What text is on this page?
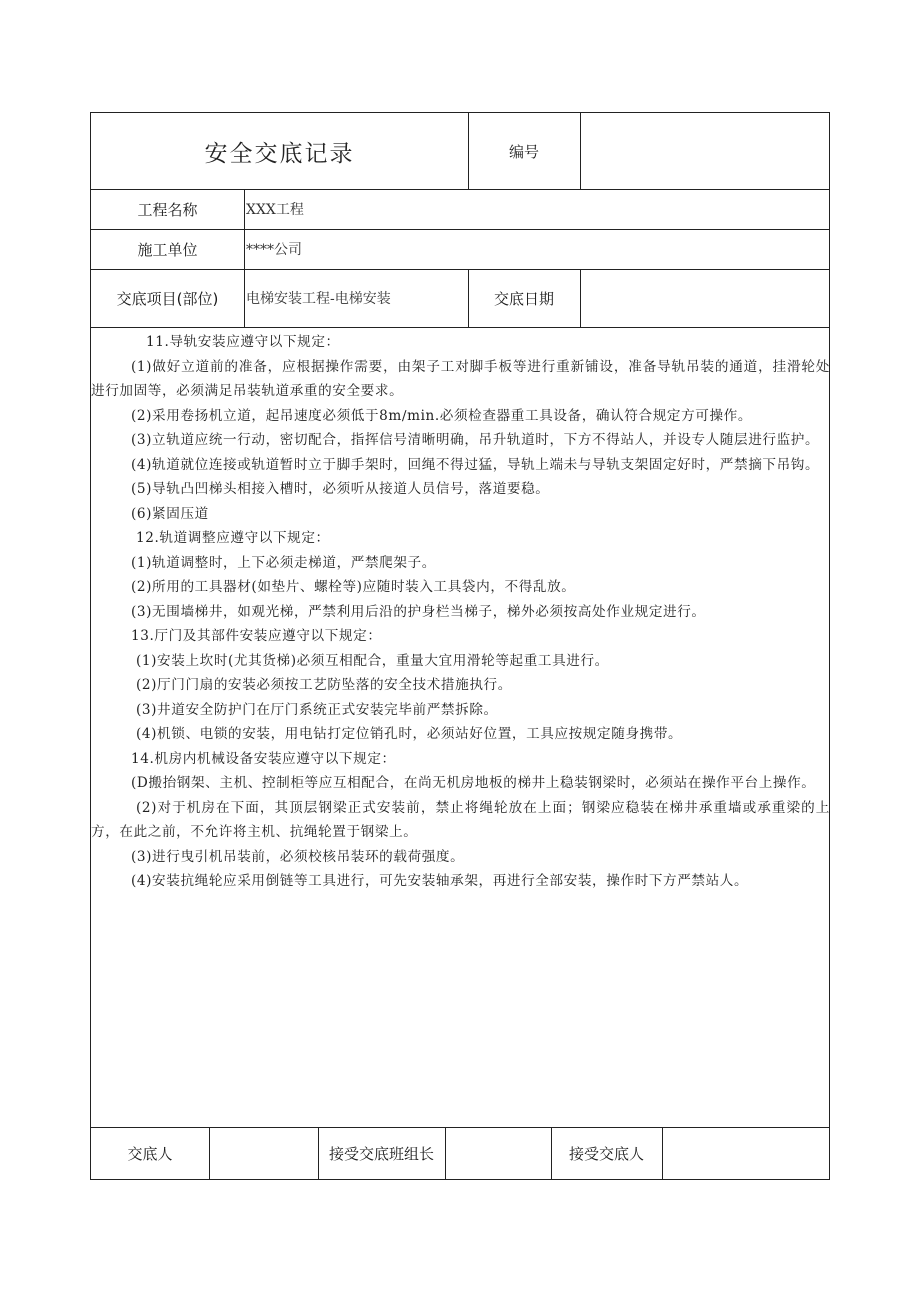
安全交底记录	编号
工程名称	XXX工程
施工单位	****公司
交底项目(部位)	电梯安装工程-电梯安装	交底日期

11.导轨安装应遵守以下规定：

(1)做好立道前的准备，应根据操作需要，由架子工对脚手板等进行重新铺设，准备导轨吊装的通道，挂滑轮处进行加固等，必须满足吊装轨道承重的安全要求。

(2)采用卷扬机立道，起吊速度必须低于8m∕min.必须检查器重工具设备，确认符合规定方可操作。

(3)立轨道应统一行动，密切配合，指挥信号清晰明确，吊升轨道时，下方不得站人，并设专人随层进行监护。

(4)轨道就位连接或轨道暂时立于脚手架时，回绳不得过猛，导轨上端未与导轨支架固定好时，严禁摘下吊钩。

(5)导轨凸凹梯头相接入槽时，必须听从接道人员信号，落道要稳。

(6)紧固压道

12.轨道调整应遵守以下规定：

(1)轨道调整时，上下必须走梯道，严禁爬架子。

(2)所用的工具器材(如垫片、螺栓等)应随时装入工具袋内，不得乱放。

(3)无围墙梯井，如观光梯，严禁利用后沿的护身栏当梯子，梯外必须按高处作业规定进行。

13.厅门及其部件安装应遵守以下规定：

(1)安装上坎时(尤其货梯)必须互相配合，重量大宜用滑轮等起重工具进行。

(2)厅门门扇的安装必须按工艺防坠落的安全技术措施执行。

(3)井道安全防护门在厅门系统正式安装完毕前严禁拆除。

(4)机锁、电锁的安装，用电钻打定位销孔时，必须站好位置，工具应按规定随身携带。

14.机房内机械设备安装应遵守以下规定：

(D搬抬钢架、主机、控制柜等应互相配合，在尚无机房地板的梯井上稳装钢梁时，必须站在操作平台上操作。

(2)对于机房在下面，其顶层钢梁正式安装前，禁止将绳轮放在上面；钢梁应稳装在梯井承重墙或承重梁的上方，在此之前，不允许将主机、抗绳轮置于钢梁上。

(3)进行曳引机吊装前，必须校核吊装环的载荷强度。

(4)安装抗绳轮应采用倒链等工具进行，可先安装轴承架，再进行全部安装，操作时下方严禁站人。

交底人	接受交底班组长	接受交底人
